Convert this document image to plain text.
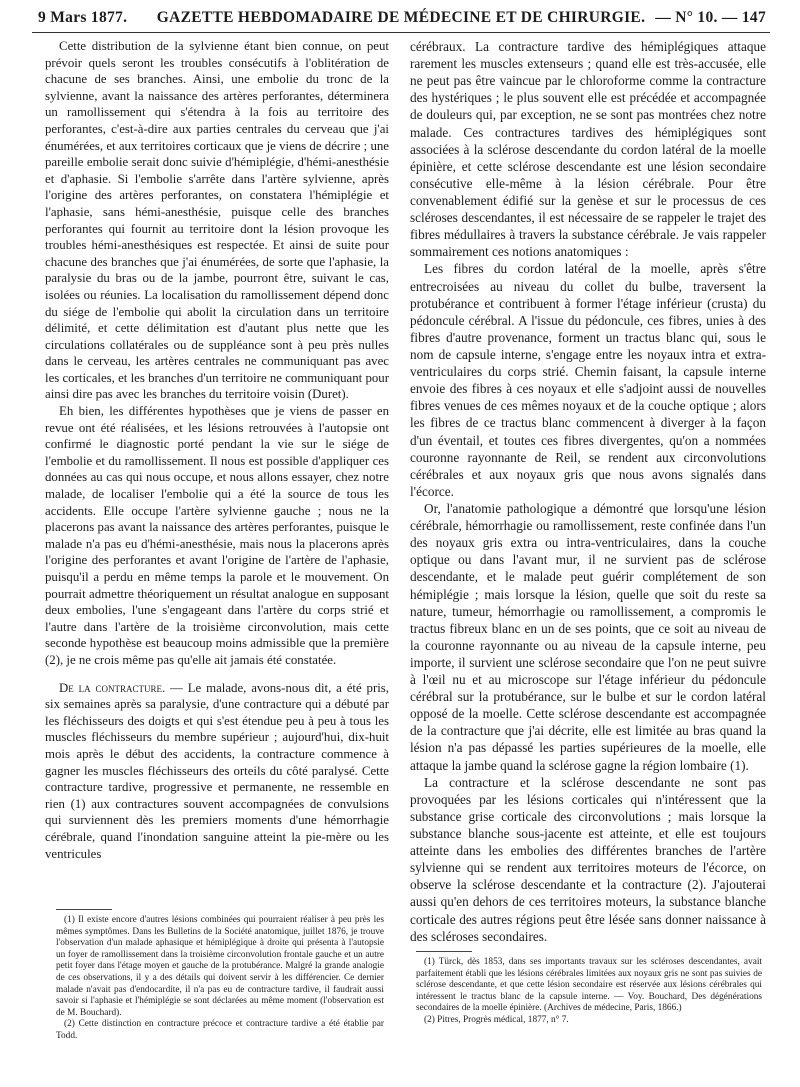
9 Mars 1877.	GAZETTE HEBDOMADAIRE DE MÉDECINE ET DE CHIRURGIE. — N° 10. — 147

Cette distribution de la sylvienne étant bien connue, on peut prévoir quels seront les troubles consécutifs à l'oblitération de chacune de ses branches. Ainsi, une embolie du tronc de la sylvienne, avant la naissance des artères perforantes, déterminera un ramollissement qui s'étendra à la fois au territoire des perforantes, c'est-à-dire aux parties centrales du cerveau que j'ai énumérées, et aux territoires corticaux que je viens de décrire ; une pareille embolie serait donc suivie d'hémiplégie, d'hémi-anesthésie et d'aphasie. Si l'embolie s'arrête dans l'artère sylvienne, après l'origine des artères perforantes, on constatera l'hémiplégie et l'aphasie, sans hémi-anesthésie, puisque celle des branches perforantes qui fournit au territoire dont la lésion provoque les troubles hémi-anesthésiques est respectée. Et ainsi de suite pour chacune des branches que j'ai énumérées, de sorte que l'aphasie, la paralysie du bras ou de la jambe, pourront être, suivant le cas, isolées ou réunies. La localisation du ramollissement dépend donc du siége de l'embolie qui abolit la circulation dans un territoire délimité, et cette délimitation est d'autant plus nette que les circulations collatérales ou de suppléance sont à peu près nulles dans le cerveau, les artères centrales ne communiquant pas avec les corticales, et les branches d'un territoire ne communiquant pour ainsi dire pas avec les branches du territoire voisin (Duret).

Eh bien, les différentes hypothèses que je viens de passer en revue ont été réalisées, et les lésions retrouvées à l'autopsie ont confirmé le diagnostic porté pendant la vie sur le siége de l'embolie et du ramollissement. Il nous est possible d'appliquer ces données au cas qui nous occupe, et nous allons essayer, chez notre malade, de localiser l'embolie qui a été la source de tous les accidents. Elle occupe l'artère sylvienne gauche ; nous ne la placerons pas avant la naissance des artères perforantes, puisque le malade n'a pas eu d'hémi-anesthésie, mais nous la placerons après l'origine des perforantes et avant l'origine de l'artère de l'aphasie, puisqu'il a perdu en même temps la parole et le mouvement. On pourrait admettre théoriquement un résultat analogue en supposant deux embolies, l'une s'engageant dans l'artère du corps strié et l'autre dans l'artère de la troisième circonvolution, mais cette seconde hypothèse est beaucoup moins admissible que la première (2), je ne crois même pas qu'elle ait jamais été constatée.

De la contracture. — Le malade, avons-nous dit, a été pris, six semaines après sa paralysie, d'une contracture qui a débuté par les fléchisseurs des doigts et qui s'est étendue peu à peu à tous les muscles fléchisseurs du membre supérieur ; aujourd'hui, dix-huit mois après le début des accidents, la contracture commence à gagner les muscles fléchisseurs des orteils du côté paralysé. Cette contracture tardive, progressive et permanente, ne ressemble en rien (1) aux contractures souvent accompagnées de convulsions qui surviennent dès les premiers moments d'une hémorrhagie cérébrale, quand l'inondation sanguine atteint la pie-mère ou les ventricules

cérébraux. La contracture tardive des hémiplégiques attaque rarement les muscles extenseurs ; quand elle est très-accusée, elle ne peut pas être vaincue par le chloroforme comme la contracture des hystériques ; le plus souvent elle est précédée et accompagnée de douleurs qui, par exception, ne se sont pas montrées chez notre malade. Ces contractures tardives des hémiplégiques sont associées à la sclérose descendante du cordon latéral de la moelle épinière, et cette sclérose descendante est une lésion secondaire consécutive elle-même à la lésion cérébrale. Pour être convenablement édifié sur la genèse et sur le processus de ces scléroses descendantes, il est nécessaire de se rappeler le trajet des fibres médullaires à travers la substance cérébrale. Je vais rappeler sommairement ces notions anatomiques :

Les fibres du cordon latéral de la moelle, après s'être entrecroisées au niveau du collet du bulbe, traversent la protubérance et contribuent à former l'étage inférieur (crusta) du pédoncule cérébral. A l'issue du pédoncule, ces fibres, unies à des fibres d'autre provenance, forment un tractus blanc qui, sous le nom de capsule interne, s'engage entre les noyaux intra et extra-ventriculaires du corps strié. Chemin faisant, la capsule interne envoie des fibres à ces noyaux et elle s'adjoint aussi de nouvelles fibres venues de ces mêmes noyaux et de la couche optique ; alors les fibres de ce tractus blanc commencent à diverger à la façon d'un éventail, et toutes ces fibres divergentes, qu'on a nommées couronne rayonnante de Reil, se rendent aux circonvolutions cérébrales et aux noyaux gris que nous avons signalés dans l'écorce.

Or, l'anatomie pathologique a démontré que lorsqu'une lésion cérébrale, hémorrhagie ou ramollissement, reste confinée dans l'un des noyaux gris extra ou intra-ventriculaires, dans la couche optique ou dans l'avant mur, il ne survient pas de sclérose descendante, et le malade peut guérir complétement de son hémiplégie ; mais lorsque la lésion, quelle que soit du reste sa nature, tumeur, hémorrhagie ou ramollissement, a compromis le tractus fibreux blanc en un de ses points, que ce soit au niveau de la couronne rayonnante ou au niveau de la capsule interne, peu importe, il survient une sclérose secondaire que l'on ne peut suivre à l'œil nu et au microscope sur l'étage inférieur du pédoncule cérébral sur la protubérance, sur le bulbe et sur le cordon latéral opposé de la moelle. Cette sclérose descendante est accompagnée de la contracture que j'ai décrite, elle est limitée au bras quand la lésion n'a pas dépassé les parties supérieures de la moelle, elle attaque la jambe quand la sclérose gagne la région lombaire (1).

La contracture et la sclérose descendante ne sont pas provoquées par les lésions corticales qui n'intéressent que la substance grise corticale des circonvolutions ; mais lorsque la substance blanche sous-jacente est atteinte, et elle est toujours atteinte dans les embolies des différentes branches de l'artère sylvienne qui se rendent aux territoires moteurs de l'écorce, on observe la sclérose descendante et la contracture (2). J'ajouterai aussi qu'en dehors de ces territoires moteurs, la substance blanche corticale des autres régions peut être lésée sans donner naissance à des scléroses secondaires.

(1) Il existe encore d'autres lésions combinées qui pourraient réaliser à peu près les mêmes symptômes. Dans les Bulletins de la Société anatomique, juillet 1876, je trouve l'observation d'un malade aphasique et hémiplégique à droite qui présenta à l'autopsie un foyer de ramollissement dans la troisième circonvolution frontale gauche et un autre petit foyer dans l'étage moyen et gauche de la protubérance. Malgré la grande analogie de ces observations, il y a des détails qui doivent servir à les différencier. Ce dernier malade n'avait pas d'endocardite, il n'a pas eu de contracture tardive, il faudrait aussi savoir si l'aphasie et l'hémiplégie se sont déclarées au même moment (l'observation est de M. Bouchard).

(2) Cette distinction en contracture précoce et contracture tardive a été établie par Todd.

(1) Türck, dès 1853, dans ses importants travaux sur les scléroses descendantes, avait parfaitement établi que les lésions cérébrales limitées aux noyaux gris ne sont pas suivies de sclérose descendante, et que cette lésion secondaire est réservée aux lésions cérébrales qui intéressent le tractus blanc de la capsule interne. — Voy. Bouchard, Des dégénérations secondaires de la moelle épinière. (Archives de médecine, Paris, 1866.)

(2) Pitres, Progrès médical, 1877, n° 7.
